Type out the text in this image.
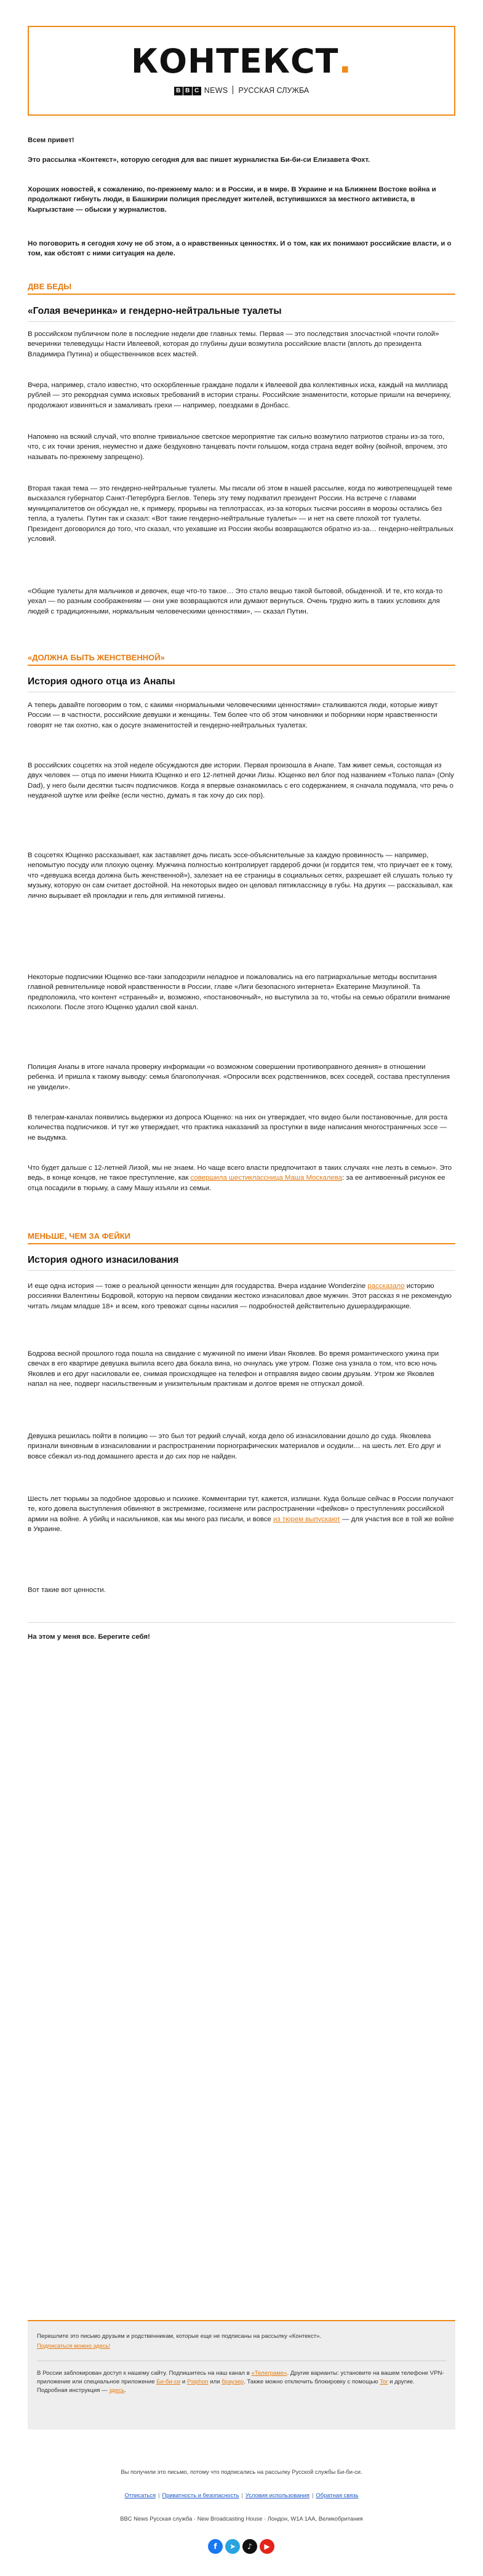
КОНТЕКСТ.
B B C NEWS РУССКАЯ СЛУЖБА
Всем привет!
Это рассылка «Контекст», которую сегодня для вас пишет журналистка Би-би-си Елизавета Фохт.
Хороших новостей, к сожалению, по-прежнему мало: и в России, и в мире. В Украине и на Ближнем Востоке война и продолжают гибнуть люди, в Башкирии полиция преследует жителей, вступившихся за местного активиста, в Кыргызстане — обыски у журналистов.
Но поговорить я сегодня хочу не об этом, а о нравственных ценностях. И о том, как их понимают российские власти, и о том, как обстоят с ними ситуация на деле.
ДВЕ БЕДЫ
«Голая вечеринка» и гендерно-нейтральные туалеты
В российском публичном поле в последние недели две главных темы. Первая — это последствия злосчастной «почти голой» вечеринки телеведущы Насти Ивлеевой, которая до глубины души возмутила российские власти (вплоть до президента Владимира Путина) и общественников всех мастей.
Вчера, например, стало известно, что оскорбленные граждане подали к Ивлеевой два коллективных иска, каждый на миллиард рублей — это рекордная сумма исковых требований в истории страны. Российские знаменитости, которые пришли на вечеринку, продолжают извиняться и замаливать грехи — например, поездками в Донбасс.
Напомню на всякий случай, что вполне тривиальное светское мероприятие так сильно возмутило патриотов страны из-за того, что, с их точки зрения, неуместно и даже бездуховно танцевать почти голышом, когда страна ведет войну (войной, впрочем, это называть по-прежнему запрещено).
Вторая такая тема — это гендерно-нейтральные туалеты. Мы писали об этом в нашей рассылке, когда по животрепещущей теме высказался губернатор Санкт-Петербурга Беглов. Теперь эту тему подхватил президент России. На встрече с главами муниципалитетов он обсуждал не, к примеру, прорывы на теплотрассах, из-за которых тысячи россиян в морозы остались без тепла, а туалеты. Путин так и сказал: «Вот такие гендерно-нейтральные туалеты» — и нет на свете плохой тот туалеты. Президент договорился до того, что сказал, что уехавшие из России якобы возвращаются обратно из-за… гендерно-нейтральных условий.
«Общие туалеты для мальчиков и девочек, еще что-то такое… Это стало вещью такой бытовой, обыденной. И те, кто когда-то уехал — по разным соображениям — они уже возвращаются или думают вернуться. Очень трудно жить в таких условиях для людей с традиционными, нормальным человеческими ценностями», — сказал Путин.
«ДОЛЖНА БЫТЬ ЖЕНСТВЕННОЙ»
История одного отца из Анапы
А теперь давайте поговорим о том, с какими «нормальными человеческими ценностями» сталкиваются люди, которые живут России — в частности, российские девушки и женщины. Тем более что об этом чиновники и поборники норм нравственности говорят не так охотно, как о досуге знаменитостей и гендерно-нейтральных туалетах.
В российских соцсетях на этой неделе обсуждаются две истории. Первая произошла в Анапе. Там живет семья, состоящая из двух человек — отца по имени Никита Ющенко и его 12-летней дочки Лизы. Ющенко вел блог под названием «Только папа» (Only Dad), у него были десятки тысяч подписчиков. Когда я впервые ознакомилась с его содержанием, я сначала подумала, что речь о неудачной шутке или фейке (если честно, думать я так хочу до сих пор).
В соцсетях Ющенко рассказывает, как заставляет дочь писать эссе-объяснительные за каждую провинность — например, непомытую посуду или плохую оценку. Мужчина полностью контролирует гардероб дочки (и гордится тем, что приучает ее к тому, что «девушка всегда должна быть женственной»), залезает на ее страницы в социальных сетях, разрешает ей слушать только ту музыку, которую он сам считает достойной. На некоторых видео он целовал пятиклассницу в губы. На других — рассказывал, как лично вырывает ей прокладки и гель для интимной гигиены.
Некоторые подписчики Ющенко все-таки заподозрили неладное и пожаловались на его патриархальные методы воспитания главной ревнительнице новой нравственности в России, главе «Лиги безопасного интернета» Екатерине Мизулиной. Та предположила, что контент «странный» и, возможно, «постановочный», но выступила за то, чтобы на семью обратили внимание психологи. После этого Ющенко удалил свой канал.
Полиция Анапы в итоге начала проверку информации «о возможном совершении противоправного деяния» в отношении ребенка. И пришла к такому выводу: семья благополучная. «Опросили всех родственников, всех соседей, состава преступления не увидели».
В телеграм-каналах появились выдержки из допроса Ющенко: на них он утверждает, что видео были постановочные, для роста количества подписчиков. И тут же утверждает, что практика наказаний за проступки в виде написания многостраничных эссе — не выдумка.
Что будет дальше с 12-летней Лизой, мы не знаем. Но чаще всего власти предпочитают в таких случаях «не лезть в семью». Это ведь, в конце концов, не такое преступление, как совершила шестиклассница Маша Москалева: за ее антивоенный рисунок ее отца посадили в тюрьму, а саму Машу изъяли из семьи.
МЕНЬШЕ, ЧЕМ ЗА ФЕЙКИ
История одного изнасилования
И еще одна история — тоже о реальной ценности женщин для государства. Вчера издание Wonderzine рассказало историю россиянки Валентины Бодровой, которую на первом свидании жестоко изнасиловал двое мужчин. Этот рассказ я не рекомендую читать лицам младше 18+ и всем, кого тревожат сцены насилия — подробностей действительно душераздирающие.
Бодрова весной прошлого года пошла на свидание с мужчиной по имени Иван Яковлев. Во время романтического ужина при свечах в его квартире девушка выпила всего два бокала вина, но очнулась уже утром. Позже она узнала о том, что всю ночь Яковлев и его друг насиловали ее, снимая происходящее на телефон и отправляя видео своим друзьям. Утром же Яковлев напал на нее, подверг насильственным и унизительным практикам и долгое время не отпускал домой.
Девушка решилась пойти в полицию — это был тот редкий случай, когда дело об изнасиловании дошло до суда. Яковлева признали виновным в изнасиловании и распространении порнографических материалов и осудили… на шесть лет. Его друг и вовсе сбежал из-под домашнего ареста и до сих пор не найден.
Шесть лет тюрьмы за подобное здоровью и психике. Комментарии тут, кажется, излишни. Куда больше сейчас в России получают те, кого довела выступления обвиняют в экстремизме, госизмене или распространении «фейков» о преступлениях российской армии на войне. А убийц и насильников, как мы много раз писали, и вовсе из тюрем выпускают — для участия все в той же войне в Украине.
Вот такие вот ценности.
На этом у меня все. Берегите себя!
Перешлите это письмо друзьям и родственникам, которые еще не подписаны на рассылку «Контекст».
Подписаться можно здесь!
В России заблокирован доступ к нашему сайту. Подпишитесь на наш канал в «Телеграме». Другие варианты: установите на вашем телефоне VPN-приложение или специальное приложение Би-би-си и Psiphon или браузер. Также можно отключить блокировку с помощью Tor и другие. Подробная инструкция — здесь.
Вы получили это письмо, потому что подписались на рассылку Русской службы Би-би-си.
Отписаться | Приватность и безопасность | Условия использования | Обратная связь
BBC News Русская служба · New Broadcasting House · Лондон, W1A 1AA, Великобритания
f	➤	♪	▶
